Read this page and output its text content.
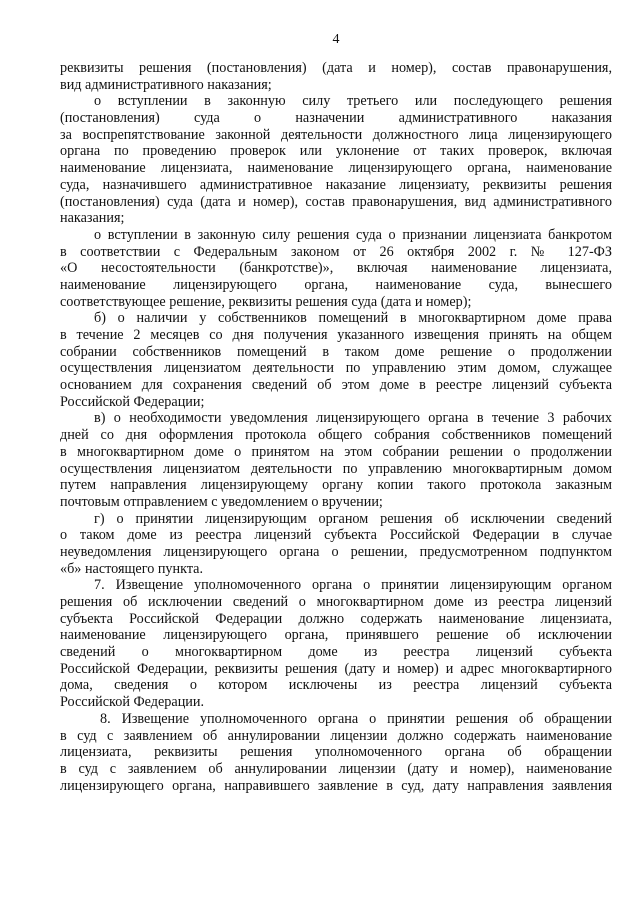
4
реквизиты решения (постановления) (дата и номер), состав правонарушения,
вид административного наказания;
о вступлении в законную силу третьего или последующего решения
(постановления) суда о назначении административного наказания
за воспрепятствование законной деятельности должностного лица лицензирующего
органа по проведению проверок или уклонение от таких проверок, включая
наименование лицензиата, наименование лицензирующего органа, наименование
суда, назначившего административное наказание лицензиату, реквизиты решения
(постановления) суда (дата и номер), состав правонарушения, вид административного
наказания;
о вступлении в законную силу решения суда о признании лицензиата банкротом
в соответствии с Федеральным законом от 26 октября 2002 г. № 127-ФЗ
«О несостоятельности (банкротстве)», включая наименование лицензиата,
наименование лицензирующего органа, наименование суда, вынесшего
соответствующее решение, реквизиты решения суда (дата и номер);
б) о наличии у собственников помещений в многоквартирном доме права
в течение 2 месяцев со дня получения указанного извещения принять на общем
собрании собственников помещений в таком доме решение о продолжении
осуществления лицензиатом деятельности по управлению этим домом, служащее
основанием для сохранения сведений об этом доме в реестре лицензий субъекта
Российской Федерации;
в) о необходимости уведомления лицензирующего органа в течение 3 рабочих
дней со дня оформления протокола общего собрания собственников помещений
в многоквартирном доме о принятом на этом собрании решении о продолжении
осуществления лицензиатом деятельности по управлению многоквартирным домом
путем направления лицензирующему органу копии такого протокола заказным
почтовым отправлением с уведомлением о вручении;
г) о принятии лицензирующим органом решения об исключении сведений
о таком доме из реестра лицензий субъекта Российской Федерации в случае
неуведомления лицензирующего органа о решении, предусмотренном подпунктом
«б» настоящего пункта.
7. Извещение уполномоченного органа о принятии лицензирующим органом
решения об исключении сведений о многоквартирном доме из реестра лицензий
субъекта Российской Федерации должно содержать наименование лицензиата,
наименование лицензирующего органа, принявшего решение об исключении
сведений о многоквартирном доме из реестра лицензий субъекта
Российской Федерации, реквизиты решения (дату и номер) и адрес многоквартирного
дома, сведения о котором исключены из реестра лицензий субъекта
Российской Федерации.
8. Извещение уполномоченного органа о принятии решения об обращении
в суд с заявлением об аннулировании лицензии должно содержать наименование
лицензиата, реквизиты решения уполномоченного органа об обращении
в суд с заявлением об аннулировании лицензии (дату и номер), наименование
лицензирующего органа, направившего заявление в суд, дату направления заявления
